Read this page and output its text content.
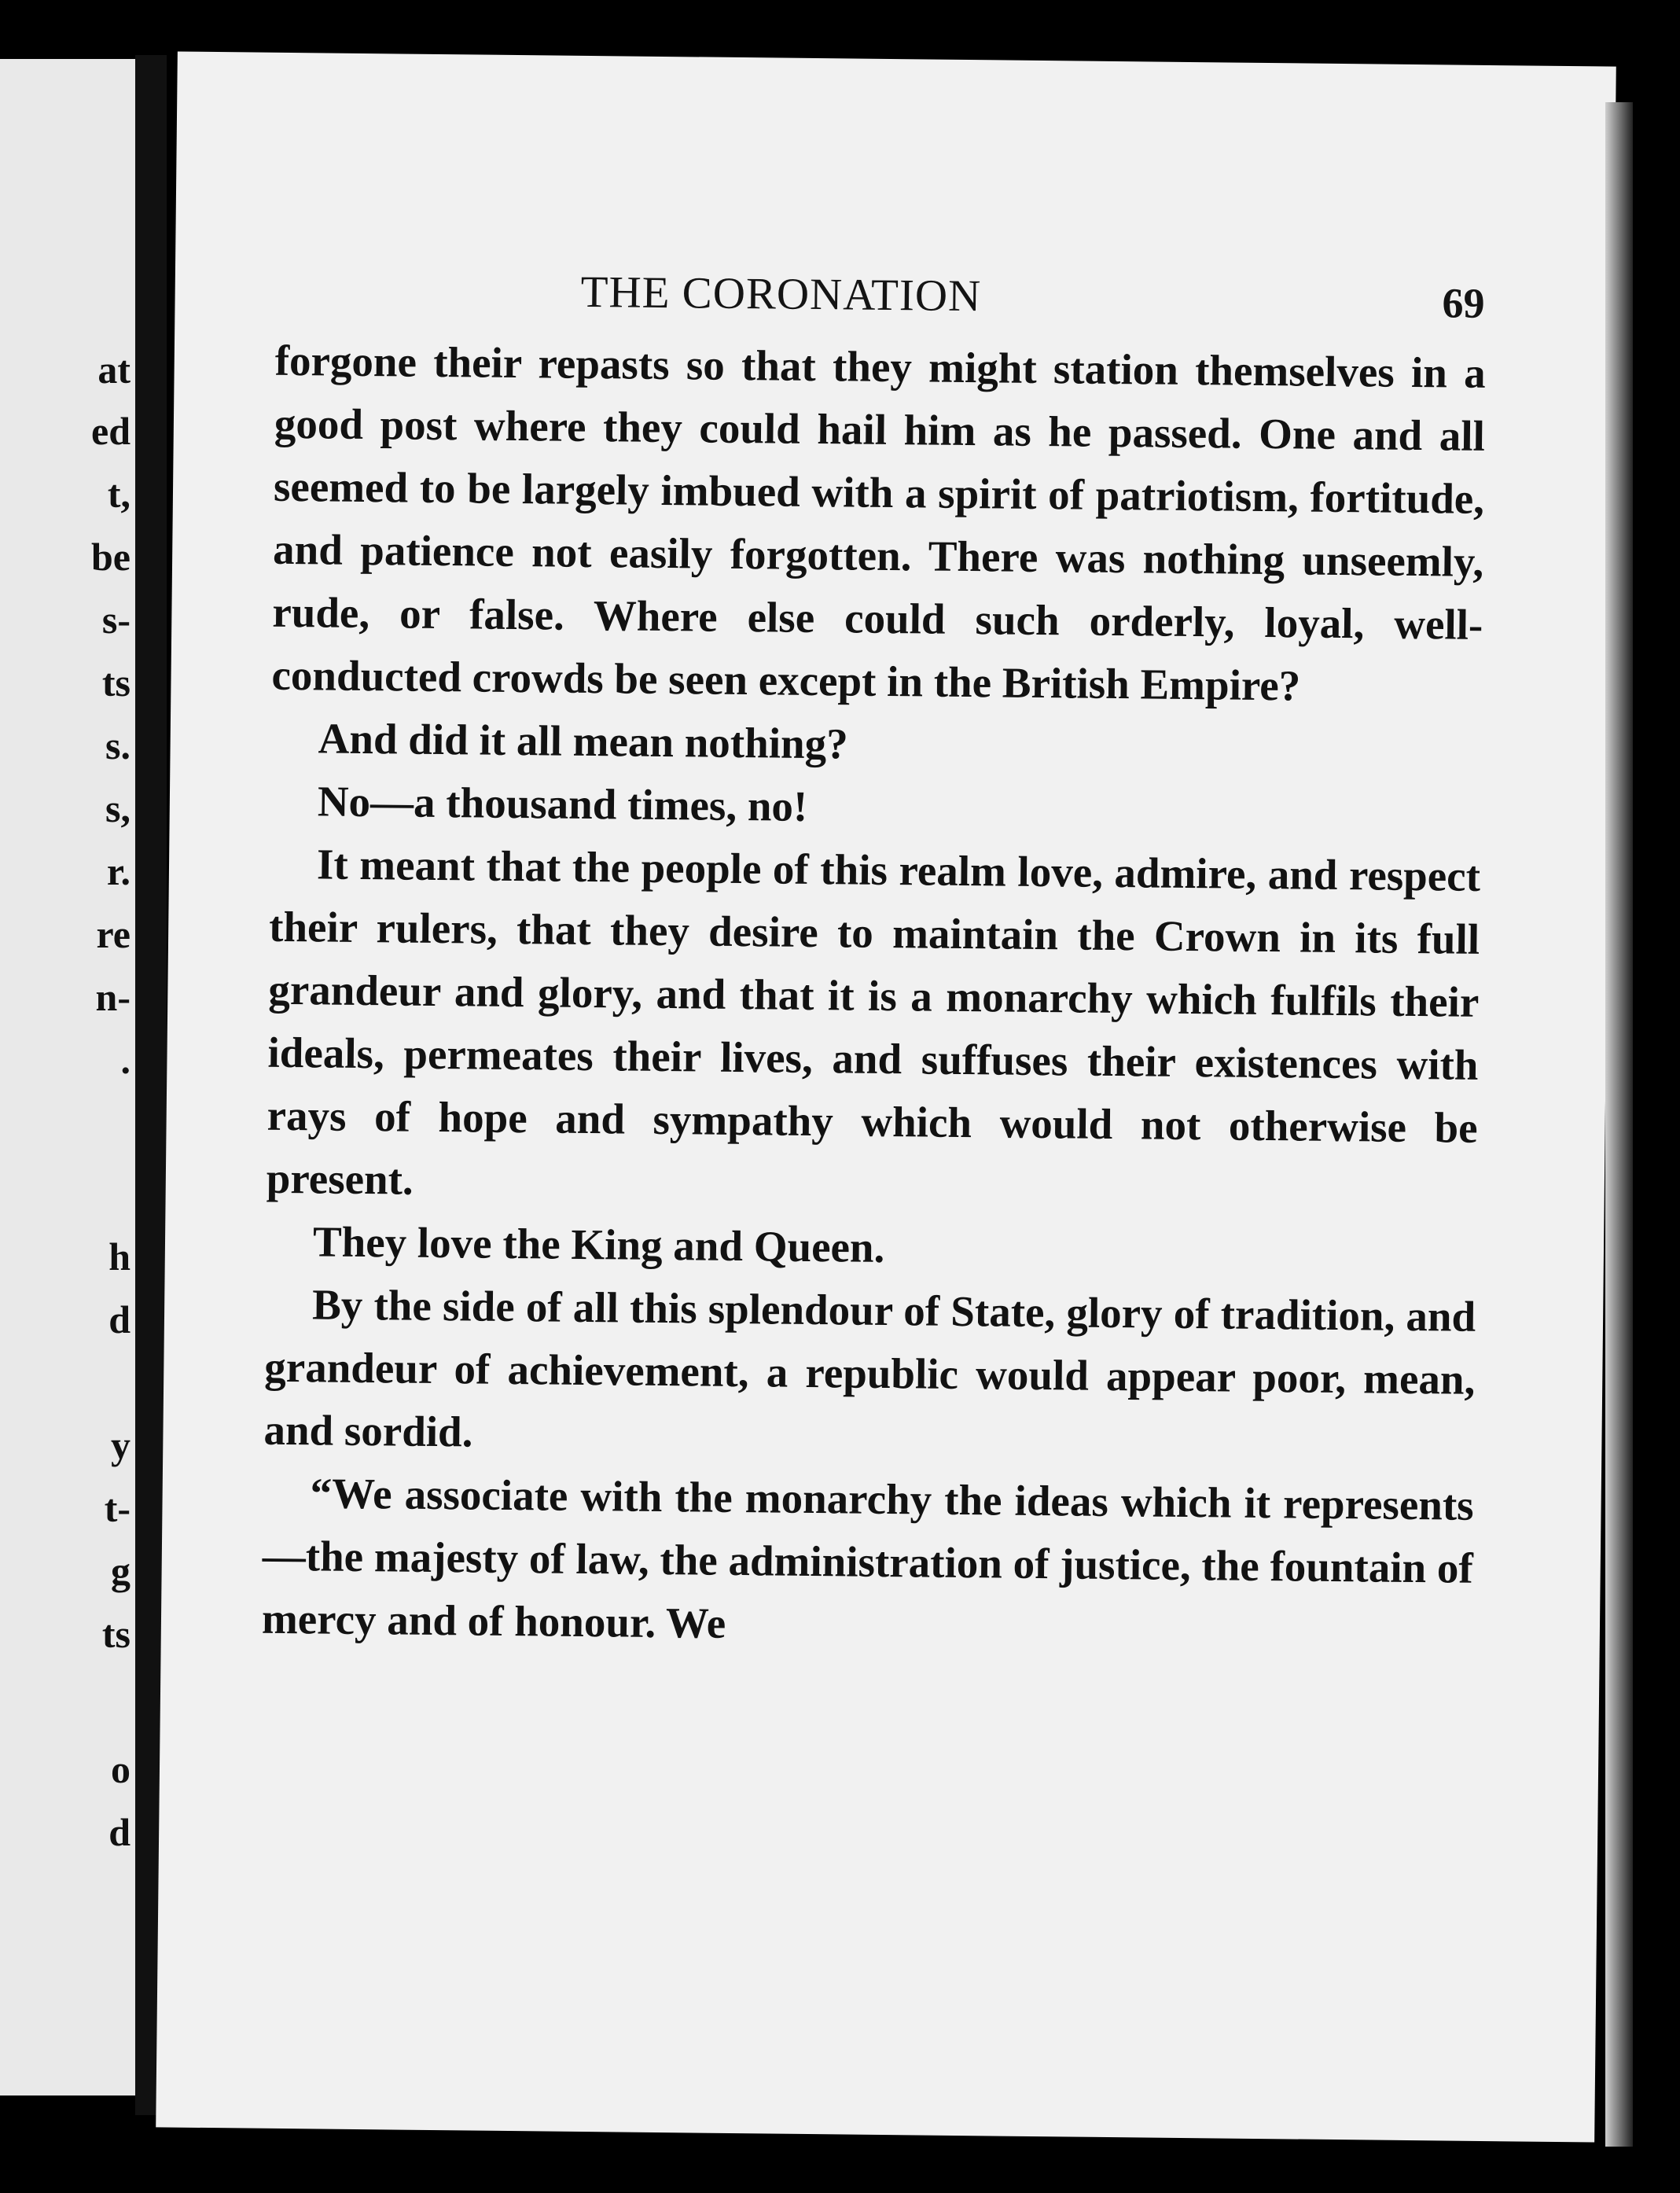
at
ed
t,
be
s-
ts
s.
s,
r.
re
n-
.
h
d
y
t-
g
ts
o
d
THE CORONATION	69

forgone their repasts so that they might station themselves in a good post where they could hail him as he passed. One and all seemed to be largely imbued with a spirit of patriotism, fortitude, and patience not easily forgotten. There was nothing unseemly, rude, or false. Where else could such orderly, loyal, well-conducted crowds be seen except in the British Empire?

And did it all mean nothing?

No—a thousand times, no!

It meant that the people of this realm love, admire, and respect their rulers, that they desire to maintain the Crown in its full grandeur and glory, and that it is a monarchy which fulfils their ideals, permeates their lives, and suffuses their existences with rays of hope and sympathy which would not otherwise be present.

They love the King and Queen.

By the side of all this splendour of State, glory of tradition, and grandeur of achievement, a republic would appear poor, mean, and sordid.

“We associate with the monarchy the ideas which it represents—the majesty of law, the administration of justice, the fountain of mercy and of honour. We
